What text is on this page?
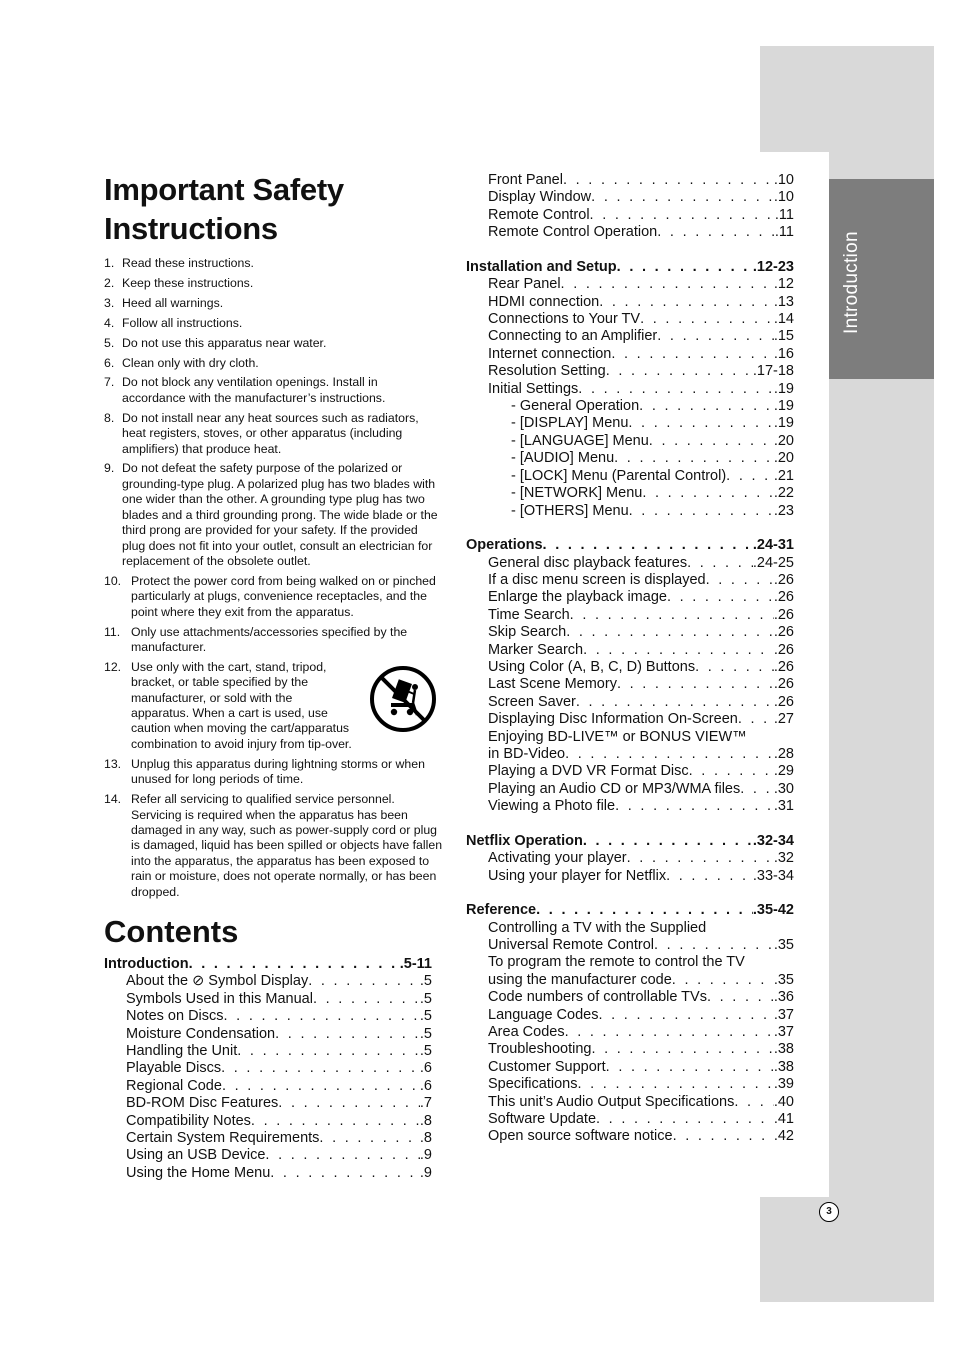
Introduction
3
Important Safety
Instructions
1. Read these instructions.
2. Keep these instructions.
3. Heed all warnings.
4. Follow all instructions.
5. Do not use this apparatus near water.
6. Clean only with dry cloth.
7. Do not block any ventilation openings. Install in accordance with the manufacturer’s instructions.
8. Do not install near any heat sources such as radiators, heat registers, stoves, or other apparatus (including amplifiers) that produce heat.
9. Do not defeat the safety purpose of the polarized or grounding-type plug. A polarized plug has two blades with one wider than the other. A grounding type plug has two blades and a third grounding prong. The wide blade or the third prong are provided for your safety. If the provided plug does not fit into your outlet, consult an electrician for replacement of the obsolete outlet.
10. Protect the power cord from being walked on or pinched particularly at plugs, convenience receptacles, and the point where they exit from the apparatus.
11. Only use attachments/accessories specified by the manufacturer.
12. Use only with the cart, stand, tripod, bracket, or table specified by the manufacturer, or sold with the apparatus. When a cart is used, use caution when moving the cart/apparatus combination to avoid injury from tip-over.
13. Unplug this apparatus during lightning storms or when unused for long periods of time.
14. Refer all servicing to qualified service personnel. Servicing is required when the apparatus has been damaged in any way, such as power-supply cord or plug is damaged, liquid has been spilled or objects have fallen into the apparatus, the apparatus has been exposed to rain or moisture, does not operate normally, or has been dropped.
Contents
Introduction . . .	.5-11
About the ⊘ Symbol Display . . .	.5
Symbols Used in this Manual . . .	.5
Notes on Discs . . .	.5
Moisture Condensation . . .	.5
Handling the Unit . . .	.5
Playable Discs . . .	.6
Regional Code . . .	.6
BD-ROM Disc Features . . .	.7
Compatibility Notes . . .	.8
Certain System Requirements . . .	.8
Using an USB Device . . .	.9
Using the Home Menu . . .	.9
Front Panel . . .	.10
Display Window . . .	.10
Remote Control . . .	.11
Remote Control Operation . . .	.11
Installation and Setup . . .	.12-23
Rear Panel . . .	.12
HDMI connection . . .	.13
Connections to Your TV . . .	.14
Connecting to an Amplifier . . .	.15
Internet connection . . .	.16
Resolution Setting . . .	.17-18
Initial Settings . . .	.19
- General Operation . . .	.19
- [DISPLAY] Menu . . .	.19
- [LANGUAGE] Menu . . .	.20
- [AUDIO] Menu . . .	.20
- [LOCK] Menu (Parental Control) . . .	.21
- [NETWORK] Menu . . .	.22
- [OTHERS] Menu . . .	.23
Operations . . .	.24-31
General disc playback features . . .	.24-25
If a disc menu screen is displayed . . .	.26
Enlarge the playback image . . .	.26
Time Search . . .	.26
Skip Search . . .	.26
Marker Search . . .	.26
Using Color (A, B, C, D) Buttons . . .	.26
Last Scene Memory . . .	.26
Screen Saver . . .	.26
Displaying Disc Information On-Screen . . . .27
Enjoying BD-LIVE™ or BONUS VIEW™
in BD-Video . . .	.28
Playing a DVD VR Format Disc . . .	.29
Playing an Audio CD or MP3/WMA files . . . .30
Viewing a Photo file . . .	.31
Netflix Operation . . .	.32-34
Activating your player . . .	.32
Using your player for Netflix . . .	.33-34
Reference . . .	.35-42
Controlling a TV with the Supplied
Universal Remote Control . . .	.35
To program the remote to control the TV
using the manufacturer code . . .	.35
Code numbers of controllable TVs . . .	.36
Language Codes . . .	.37
Area Codes . . .	.37
Troubleshooting . . .	.38
Customer Support . . .	.38
Specifications . . .	.39
This unit’s Audio Output Specifications . . .	.40
Software Update . . .	.41
Open source software notice . . .	.42
